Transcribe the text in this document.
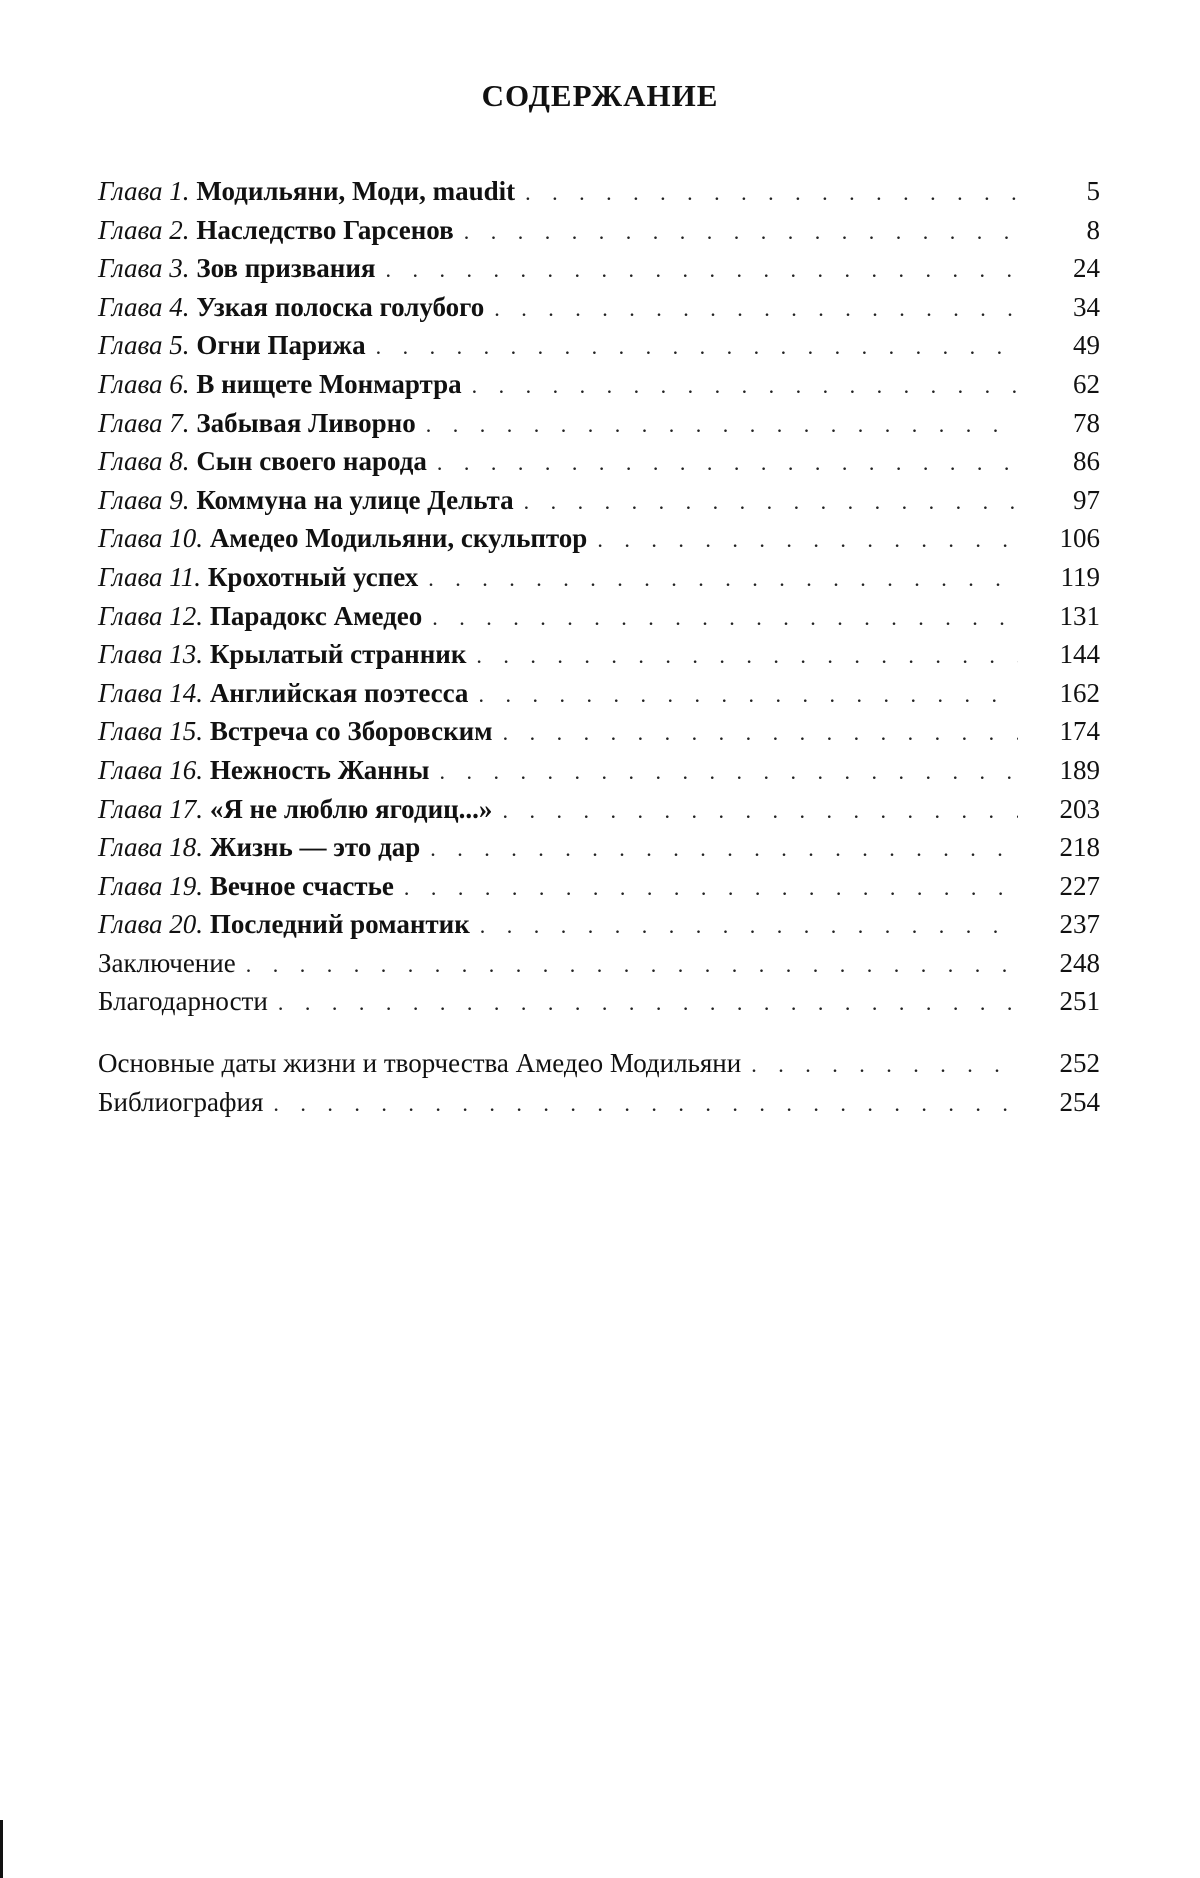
СОДЕРЖАНИЕ
Глава 1. Модильяни, Моди, maudit . . .	5
Глава 2. Наследство Гарсенов . . .	8
Глава 3. Зов призвания . . .	24
Глава 4. Узкая полоска голубого . . .	34
Глава 5. Огни Парижа . . .	49
Глава 6. В нищете Монмартра . . .	62
Глава 7. Забывая Ливорно . . .	78
Глава 8. Сын своего народа . . .	86
Глава 9. Коммуна на улице Дельта . . .	97
Глава 10. Амедео Модильяни, скульптор . . .	106
Глава 11. Крохотный успех . . .	119
Глава 12. Парадокс Амедео . . .	131
Глава 13. Крылатый странник . . .	144
Глава 14. Английская поэтесса . . .	162
Глава 15. Встреча со Зборовским . . .	174
Глава 16. Нежность Жанны . . .	189
Глава 17. «Я не люблю ягодиц...» . . .	203
Глава 18. Жизнь — это дар . . .	218
Глава 19. Вечное счастье . . .	227
Глава 20. Последний романтик . . .	237
Заключение . . .	248
Благодарности . . .	251
Основные даты жизни и творчества Амедео Модильяни . . .	252
Библиография . . .	254
